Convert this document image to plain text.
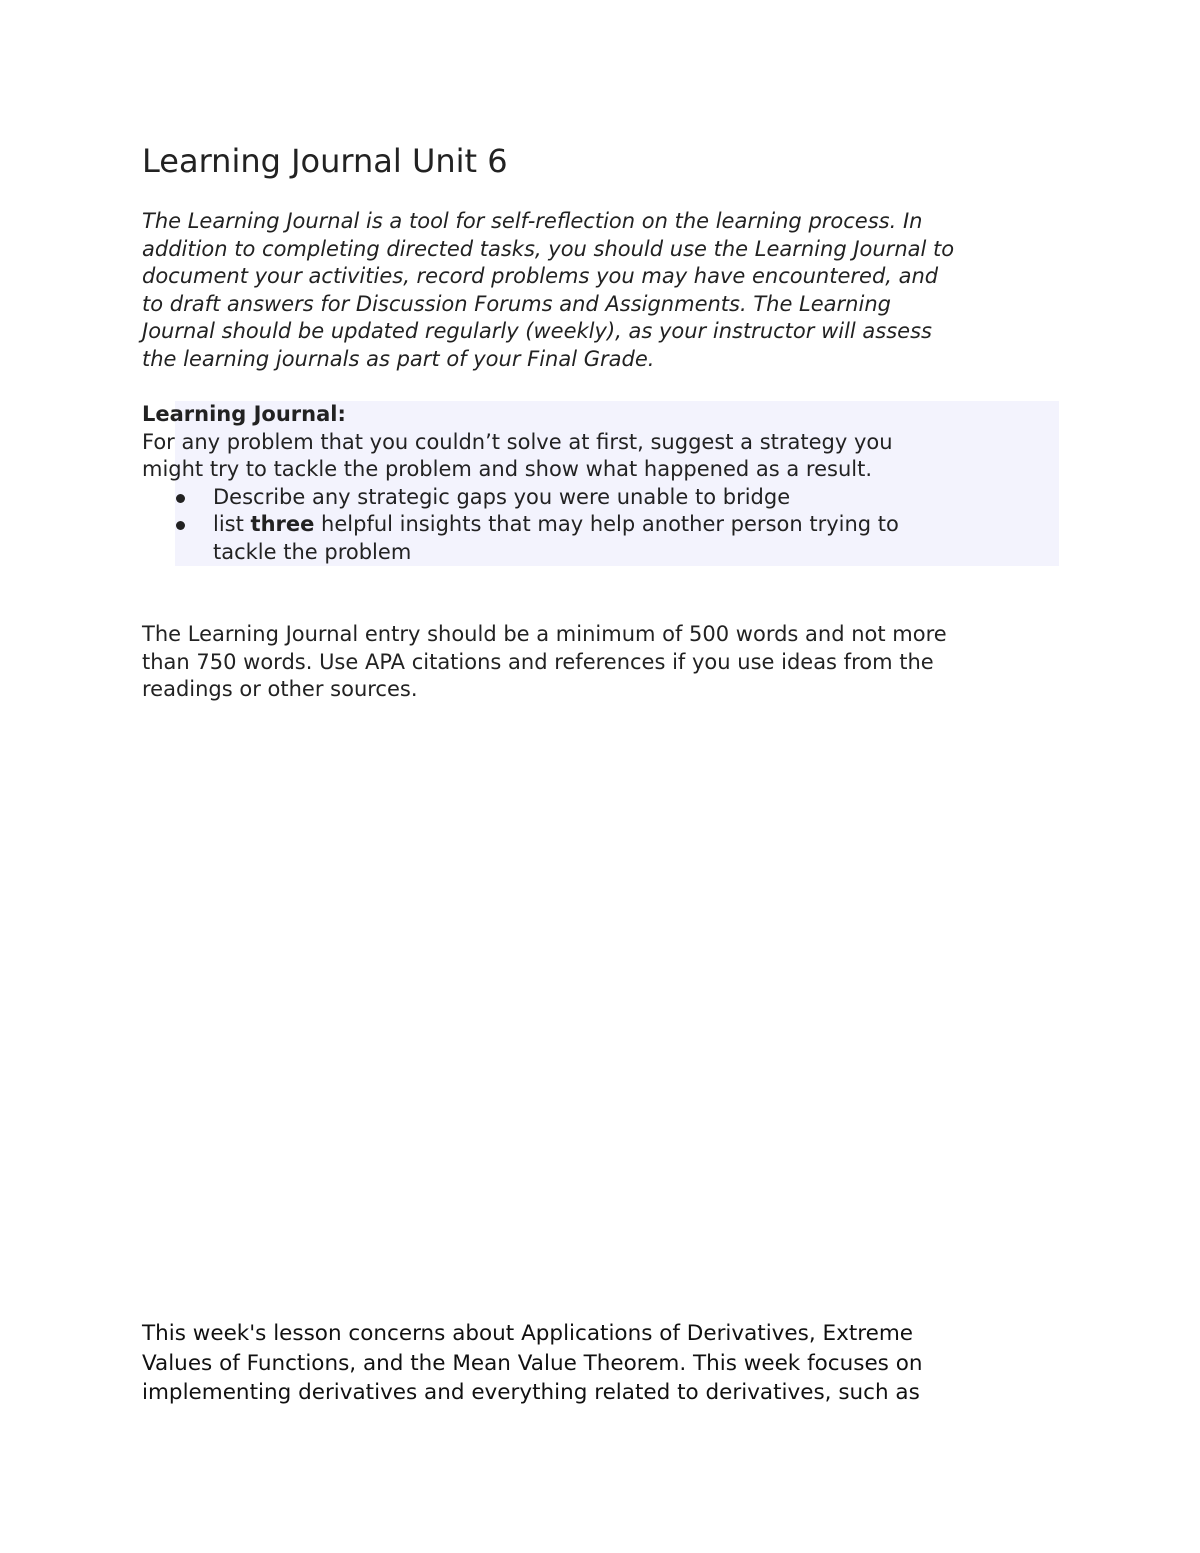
Learning Journal Unit 6

The Learning Journal is a tool for self-reflection on the learning process. In
addition to completing directed tasks, you should use the Learning Journal to
document your activities, record problems you may have encountered, and
to draft answers for Discussion Forums and Assignments. The Learning
Journal should be updated regularly (weekly), as your instructor will assess
the learning journals as part of your Final Grade.

Learning Journal:
For any problem that you couldn’t solve at first, suggest a strategy you
might try to tackle the problem and show what happened as a result.
Describe any strategic gaps you were unable to bridge
list three helpful insights that may help another person trying to
tackle the problem

The Learning Journal entry should be a minimum of 500 words and not more
than 750 words. Use APA citations and references if you use ideas from the
readings or other sources.

This week's lesson concerns about Applications of Derivatives, Extreme
Values of Functions, and the Mean Value Theorem. This week focuses on
implementing derivatives and everything related to derivatives, such as
